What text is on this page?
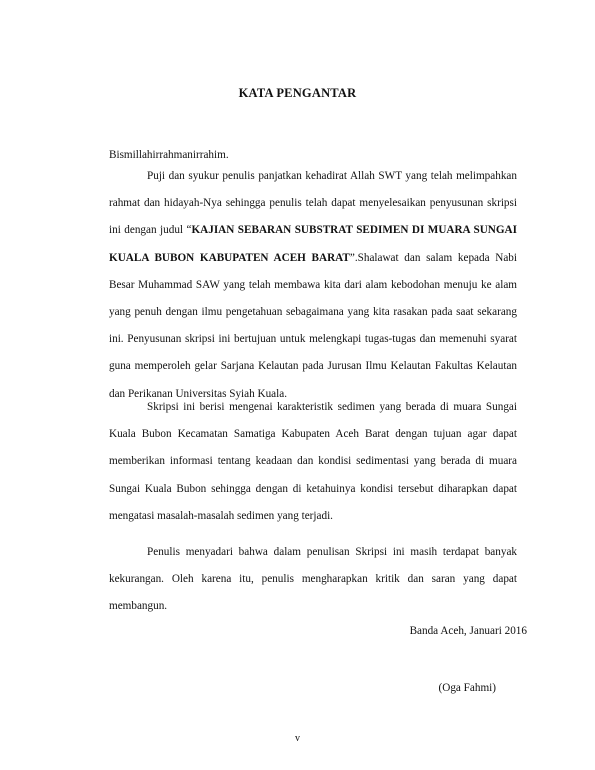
KATA PENGANTAR
Bismillahirrahmanirrahim.

Puji dan syukur penulis panjatkan kehadirat Allah SWT yang telah melimpahkan rahmat dan hidayah-Nya sehingga penulis telah dapat menyelesaikan penyusunan skripsi ini dengan judul “KAJIAN SEBARAN SUBSTRAT SEDIMEN DI MUARA SUNGAI KUALA BUBON KABUPATEN ACEH BARAT”.Shalawat dan salam kepada Nabi Besar Muhammad SAW yang telah membawa kita dari alam kebodohan menuju ke alam yang penuh dengan ilmu pengetahuan sebagaimana yang kita rasakan pada saat sekarang ini. Penyusunan skripsi ini bertujuan untuk melengkapi tugas-tugas dan memenuhi syarat guna memperoleh gelar Sarjana Kelautan pada Jurusan Ilmu Kelautan Fakultas Kelautan dan Perikanan Universitas Syiah Kuala.

Skripsi ini berisi mengenai karakteristik sedimen yang berada di muara Sungai Kuala Bubon Kecamatan Samatiga Kabupaten Aceh Barat dengan tujuan agar dapat memberikan informasi tentang keadaan dan kondisi sedimentasi yang berada di muara Sungai Kuala Bubon sehingga dengan di ketahuinya kondisi tersebut diharapkan dapat mengatasi masalah-masalah sedimen yang terjadi.

Penulis menyadari bahwa dalam penulisan Skripsi ini masih terdapat banyak kekurangan. Oleh karena itu, penulis mengharapkan kritik dan saran yang dapat membangun.

Banda Aceh, Januari 2016
(Oga Fahmi)
v
